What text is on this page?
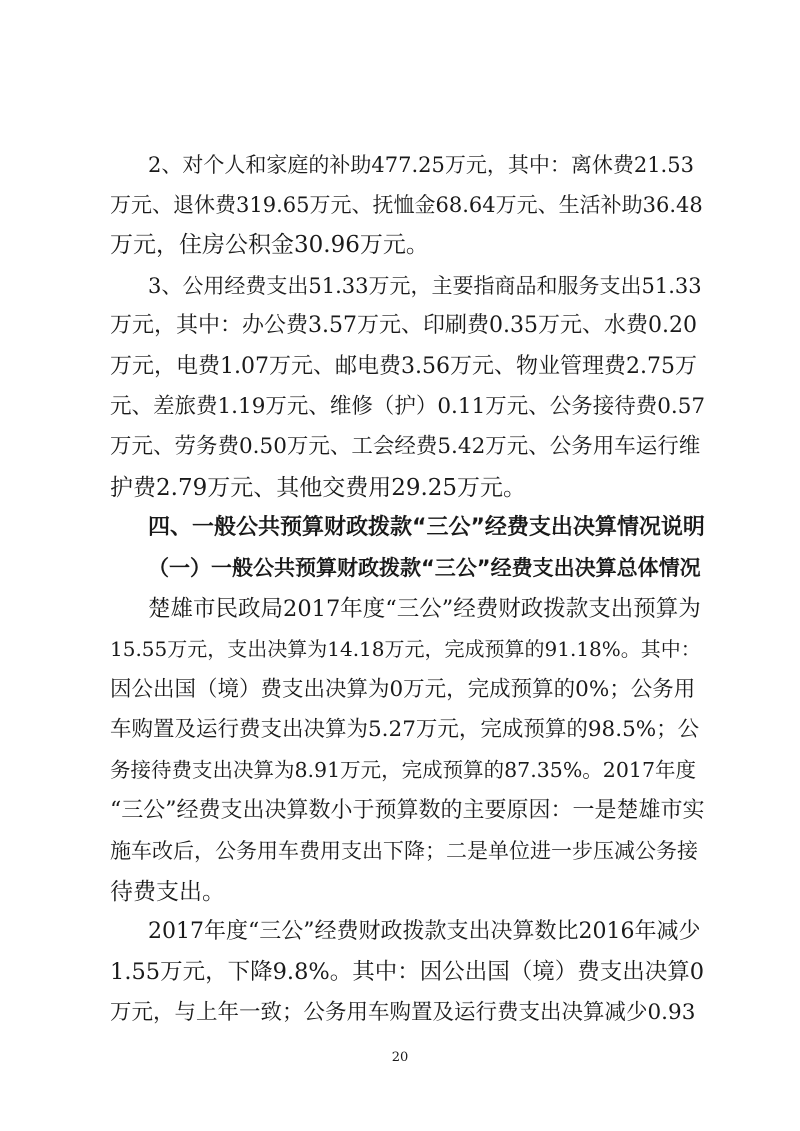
2、对个人和家庭的补助477.25万元，其中：离休费21.53
万元、退休费319.65万元、抚恤金68.64万元、生活补助36.48
万元，住房公积金30.96万元。
3、公用经费支出51.33万元，主要指商品和服务支出51.33
万元，其中：办公费3.57万元、印刷费0.35万元、水费0.20
万元，电费1.07万元、邮电费3.56万元、物业管理费2.75万
元、差旅费1.19万元、维修（护）0.11万元、公务接待费0.57
万元、劳务费0.50万元、工会经费5.42万元、公务用车运行维
护费2.79万元、其他交费用29.25万元。
四、一般公共预算财政拨款“三公”经费支出决算情况说明
（一）一般公共预算财政拨款“三公”经费支出决算总体情况
楚雄市民政局2017年度“三公”经费财政拨款支出预算为
15.55万元，支出决算为14.18万元，完成预算的91.18%。其中：
因公出国（境）费支出决算为0万元，完成预算的0%；公务用
车购置及运行费支出决算为5.27万元，完成预算的98.5%；公
务接待费支出决算为8.91万元，完成预算的87.35%。2017年度
“三公”经费支出决算数小于预算数的主要原因：一是楚雄市实
施车改后，公务用车费用支出下降；二是单位进一步压减公务接
待费支出。
2017年度“三公”经费财政拨款支出决算数比2016年减少
1.55万元，下降9.8%。其中：因公出国（境）费支出决算0
万元，与上年一致；公务用车购置及运行费支出决算减少0.93
20
